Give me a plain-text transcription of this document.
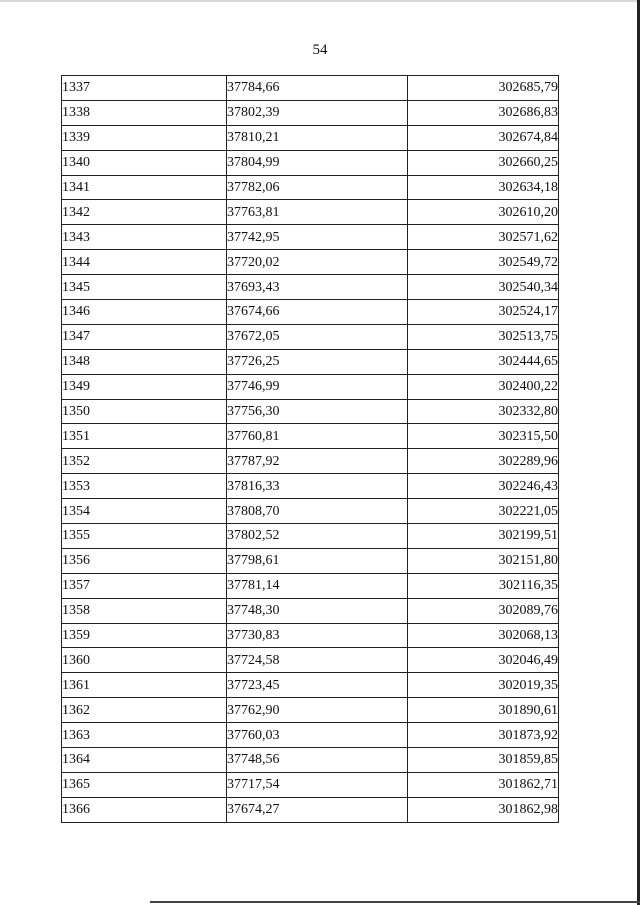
54
1337	37784,66	302685,79
1338	37802,39	302686,83
1339	37810,21	302674,84
1340	37804,99	302660,25
1341	37782,06	302634,18
1342	37763,81	302610,20
1343	37742,95	302571,62
1344	37720,02	302549,72
1345	37693,43	302540,34
1346	37674,66	302524,17
1347	37672,05	302513,75
1348	37726,25	302444,65
1349	37746,99	302400,22
1350	37756,30	302332,80
1351	37760,81	302315,50
1352	37787,92	302289,96
1353	37816,33	302246,43
1354	37808,70	302221,05
1355	37802,52	302199,51
1356	37798,61	302151,80
1357	37781,14	302116,35
1358	37748,30	302089,76
1359	37730,83	302068,13
1360	37724,58	302046,49
1361	37723,45	302019,35
1362	37762,90	301890,61
1363	37760,03	301873,92
1364	37748,56	301859,85
1365	37717,54	301862,71
1366	37674,27	301862,98
